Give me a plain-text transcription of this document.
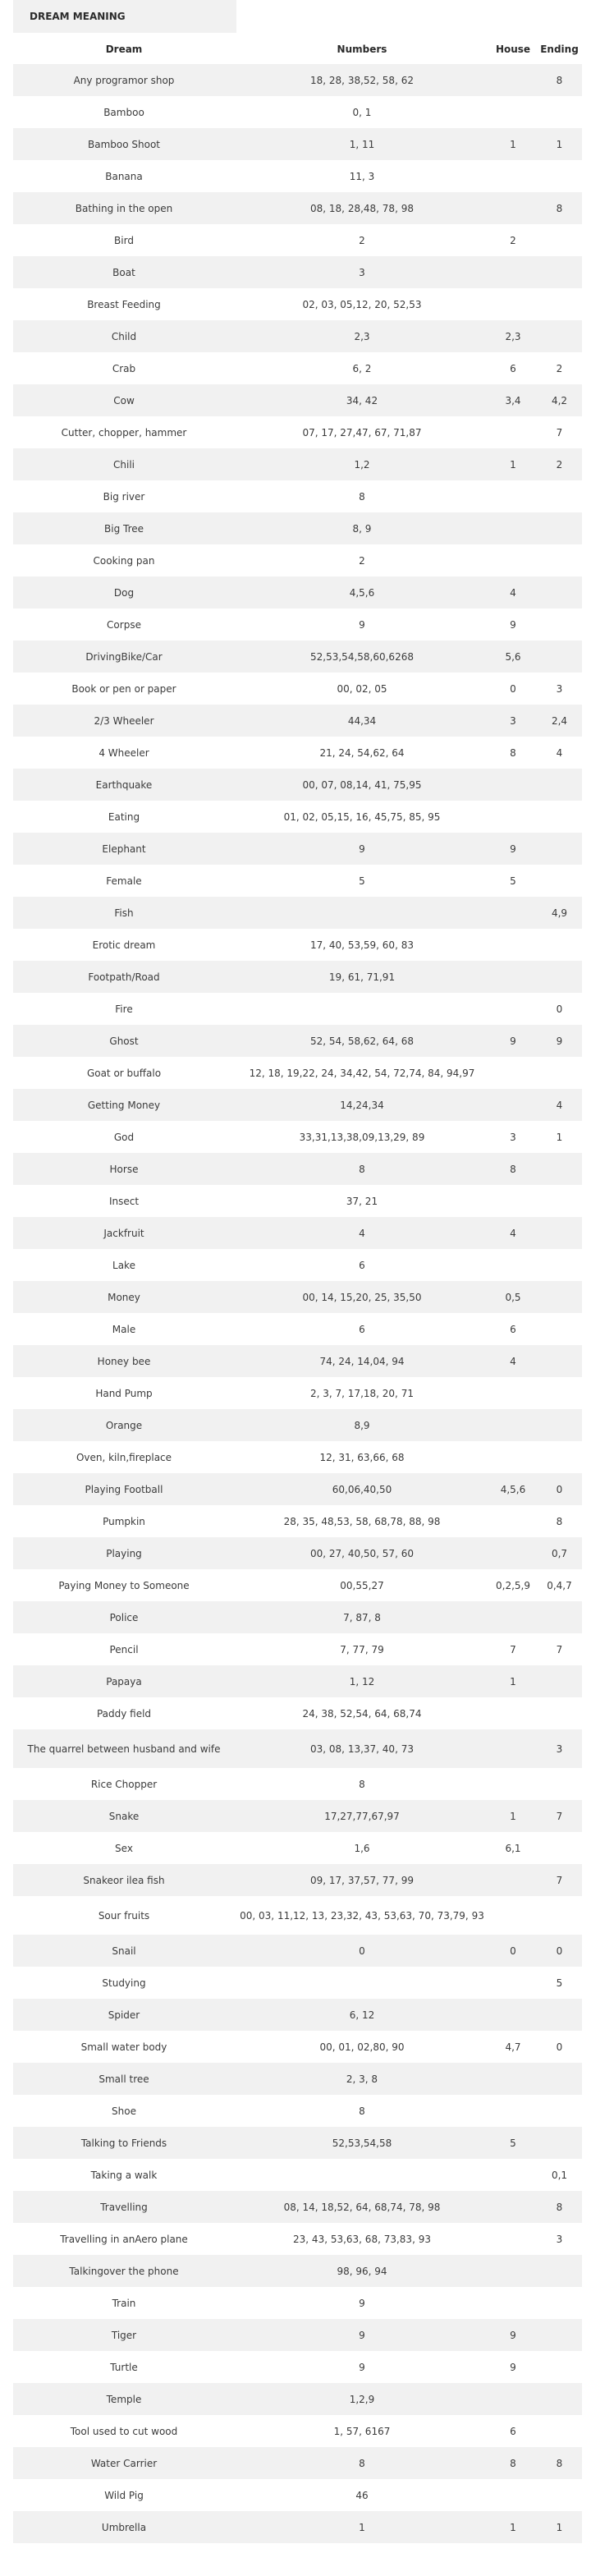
DREAM MEANING
Dream	Numbers	House	Ending
Any programor shop	18, 28, 38,52, 58, 62		8
Bamboo	0, 1		
Bamboo Shoot	1, 11	1	1
Banana	11, 3		
Bathing in the open	08, 18, 28,48, 78, 98		8
Bird	2	2	
Boat	3		
Breast Feeding	02, 03, 05,12, 20, 52,53		
Child	2,3	2,3	
Crab	6, 2	6	2
Cow	34, 42	3,4	4,2
Cutter, chopper, hammer	07, 17, 27,47, 67, 71,87		7
Chili	1,2	1	2
Big river	8		
Big Tree	8, 9		
Cooking pan	2		
Dog	4,5,6	4	
Corpse	9	9	
DrivingBike/Car	52,53,54,58,60,6268	5,6	
Book or pen or paper	00, 02, 05	0	3
2/3 Wheeler	44,34	3	2,4
4 Wheeler	21, 24, 54,62, 64	8	4
Earthquake	00, 07, 08,14, 41, 75,95		
Eating	01, 02, 05,15, 16, 45,75, 85, 95		
Elephant	9	9	
Female	5	5	
Fish			4,9
Erotic dream	17, 40, 53,59, 60, 83		
Footpath/Road	19, 61, 71,91		
Fire			0
Ghost	52, 54, 58,62, 64, 68	9	9
Goat or buffalo	12, 18, 19,22, 24, 34,42, 54, 72,74, 84, 94,97		
Getting Money	14,24,34		4
God	33,31,13,38,09,13,29, 89	3	1
Horse	8	8	
Insect	37, 21		
Jackfruit	4	4	
Lake	6		
Money	00, 14, 15,20, 25, 35,50	0,5	
Male	6	6	
Honey bee	74, 24, 14,04, 94	4	
Hand Pump	2, 3, 7, 17,18, 20, 71		
Orange	8,9		
Oven, kiln,fireplace	12, 31, 63,66, 68		
Playing Football	60,06,40,50	4,5,6	0
Pumpkin	28, 35, 48,53, 58, 68,78, 88, 98		8
Playing	00, 27, 40,50, 57, 60		0,7
Paying Money to Someone	00,55,27	0,2,5,9	0,4,7
Police	7, 87, 8		
Pencil	7, 77, 79	7	7
Papaya	1, 12	1	
Paddy field	24, 38, 52,54, 64, 68,74		
The quarrel between husband and wife	03, 08, 13,37, 40, 73		3
Rice Chopper	8		
Snake	17,27,77,67,97	1	7
Sex	1,6	6,1	
Snakeor ilea fish	09, 17, 37,57, 77, 99		7
Sour fruits	00, 03, 11,12, 13, 23,32, 43, 53,63, 70, 73,79, 93		
Snail	0	0	0
Studying			5
Spider	6, 12		
Small water body	00, 01, 02,80, 90	4,7	0
Small tree	2, 3, 8		
Shoe	8		
Talking to Friends	52,53,54,58	5	
Taking a walk			0,1
Travelling	08, 14, 18,52, 64, 68,74, 78, 98		8
Travelling in anAero plane	23, 43, 53,63, 68, 73,83, 93		3
Talkingover the phone	98, 96, 94		
Train	9		
Tiger	9	9	
Turtle	9	9	
Temple	1,2,9		
Tool used to cut wood	1, 57, 6167	6	
Water Carrier	8	8	8
Wild Pig	46		
Umbrella	1	1	1
